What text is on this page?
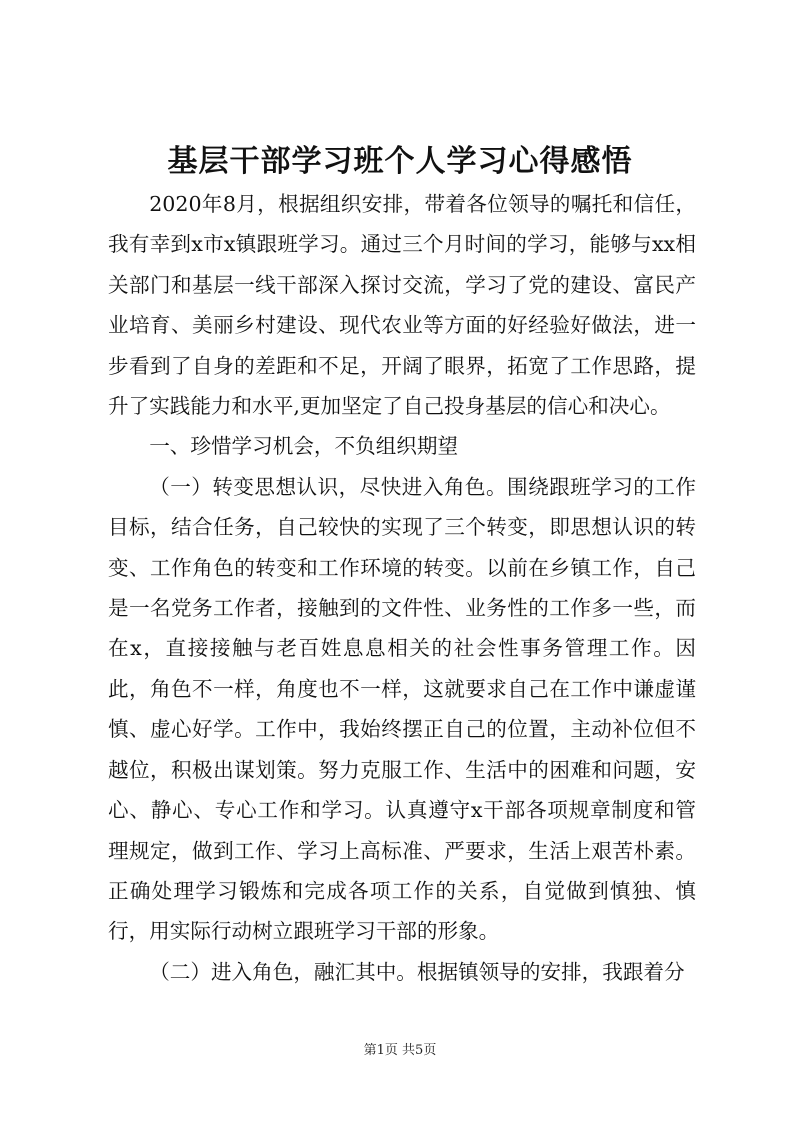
基层干部学习班个人学习心得感悟

2020年8月，根据组织安排，带着各位领导的嘱托和信任，我有幸到x市x镇跟班学习。通过三个月时间的学习，能够与xx相关部门和基层一线干部深入探讨交流，学习了党的建设、富民产业培育、美丽乡村建设、现代农业等方面的好经验好做法，进一步看到了自身的差距和不足，开阔了眼界，拓宽了工作思路，提升了实践能力和水平,更加坚定了自己投身基层的信心和决心。

一、珍惜学习机会，不负组织期望

（一）转变思想认识，尽快进入角色。围绕跟班学习的工作目标，结合任务，自己较快的实现了三个转变，即思想认识的转变、工作角色的转变和工作环境的转变。以前在乡镇工作，自己是一名党务工作者，接触到的文件性、业务性的工作多一些，而在x，直接接触与老百姓息息相关的社会性事务管理工作。因此，角色不一样，角度也不一样，这就要求自己在工作中谦虚谨慎、虚心好学。工作中，我始终摆正自己的位置，主动补位但不越位，积极出谋划策。努力克服工作、生活中的困难和问题，安心、静心、专心工作和学习。认真遵守x干部各项规章制度和管理规定，做到工作、学习上高标准、严要求，生活上艰苦朴素。正确处理学习锻炼和完成各项工作的关系，自觉做到慎独、慎行，用实际行动树立跟班学习干部的形象。

（二）进入角色，融汇其中。根据镇领导的安排，我跟着分

第1页 共5页
